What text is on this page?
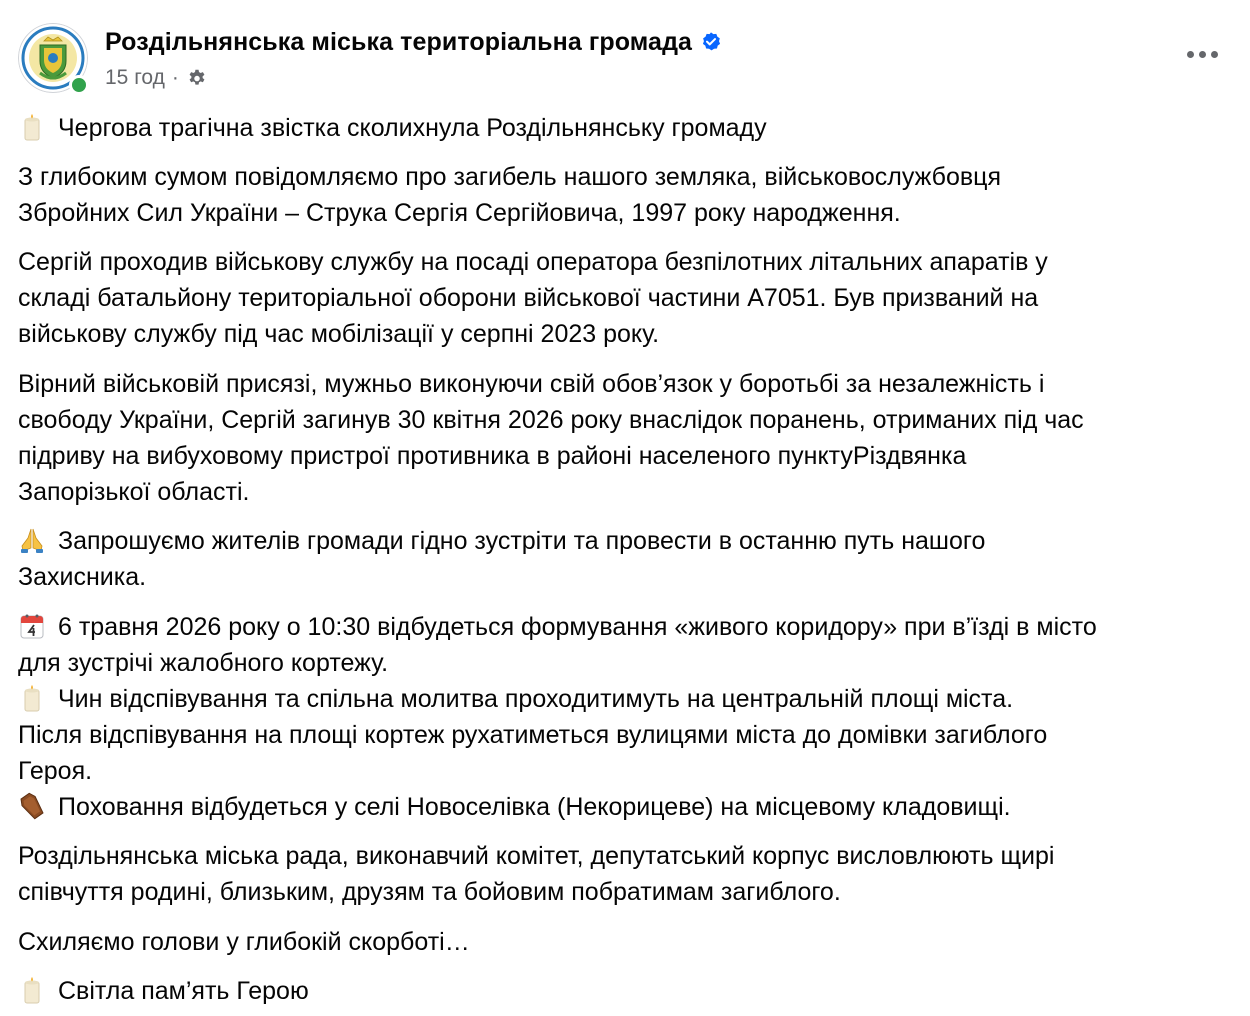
Роздільнянська міська територіальна громада
15 год ·
Чергова трагічна звістка сколихнула Роздільнянську громаду
З глибоким сумом повідомляємо про загибель нашого земляка, військовослужбовця
Збройних Сил України – Струка Сергія Сергійовича, 1997 року народження.
Сергій проходив військову службу на посаді оператора безпілотних літальних апаратів у
складі батальйону територіальної оборони військової частини А7051. Був призваний на
військову службу під час мобілізації у серпні 2023 року.
Вірний військовій присязі, мужньо виконуючи свій обов’язок у боротьбі за незалежність і
свободу України, Сергій загинув 30 квітня 2026 року внаслідок поранень, отриманих під час
підриву на вибуховому пристрої противника в районі населеного пунктуРіздвянка
Запорізької області.
Запрошуємо жителів громади гідно зустріти та провести в останню путь нашого
Захисника.
6 травня 2026 року о 10:30 відбудеться формування «живого коридору» при в’їзді в місто
для зустрічі жалобного кортежу.
Чин відспівування та спільна молитва проходитимуть на центральній площі міста.
Після відспівування на площі кортеж рухатиметься вулицями міста до домівки загиблого
Героя.
Поховання відбудеться у селі Новоселівка (Некорицеве) на місцевому кладовищі.
Роздільнянська міська рада, виконавчий комітет, депутатський корпус висловлюють щирі
співчуття родині, близьким, друзям та бойовим побратимам загиблого.
Схиляємо голови у глибокій скорботі…
Світла пам’ять Герою
